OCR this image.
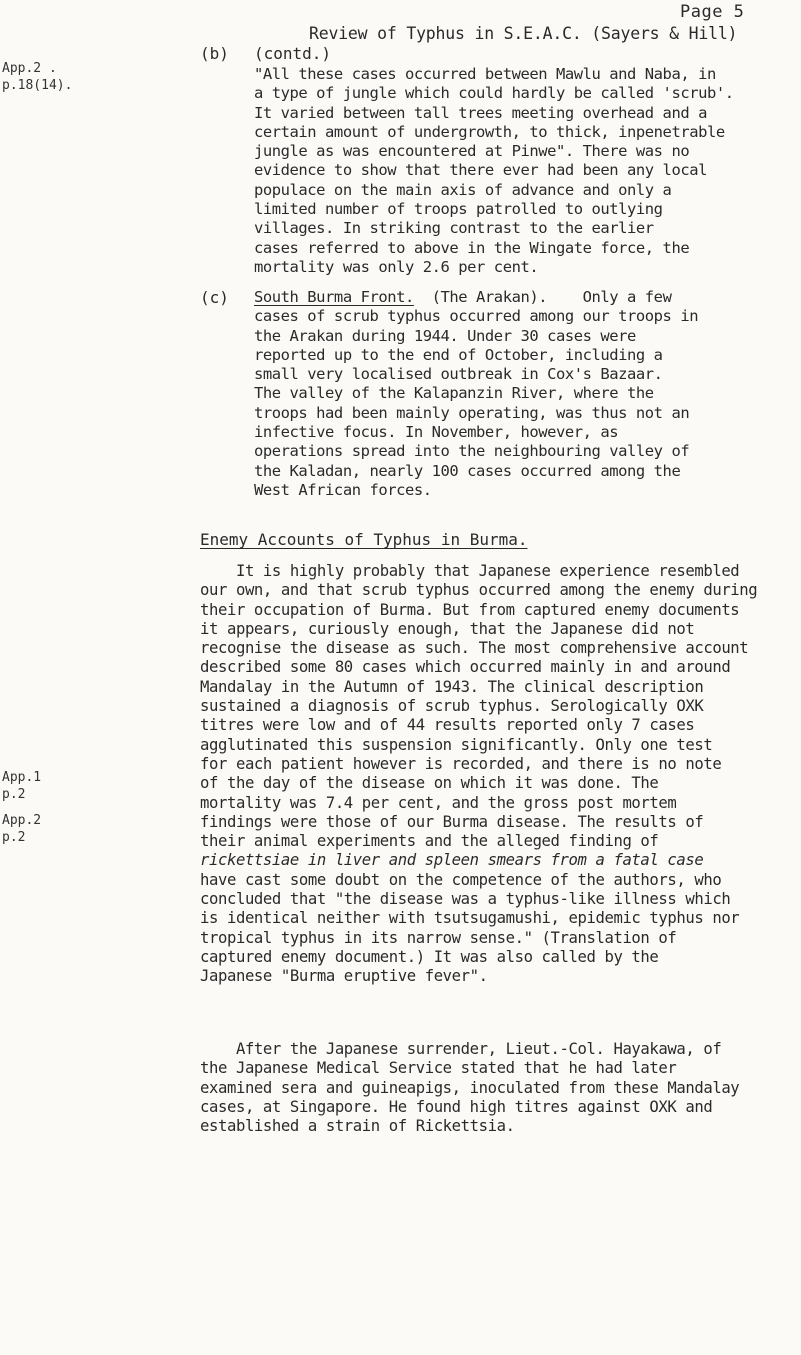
Page 5
Review of Typhus in S.E.A.C. (Sayers & Hill)
App.2 .
p.18(14).
App.1
p.2
App.2
p.2
(b) (contd.)
"All these cases occurred between Mawlu and Naba, in
a type of jungle which could hardly be called 'scrub'.
It varied between tall trees meeting overhead and a
certain amount of undergrowth, to thick, inpenetrable
jungle as was encountered at Pinwe". There was no
evidence to show that there ever had been any local
populace on the main axis of advance and only a
limited number of troops patrolled to outlying
villages. In striking contrast to the earlier
cases referred to above in the Wingate force, the
mortality was only 2.6 per cent.
(c) South Burma Front.  (The Arakan).    Only a few
cases of scrub typhus occurred among our troops in
the Arakan during 1944. Under 30 cases were
reported up to the end of October, including a
small very localised outbreak in Cox's Bazaar.
The valley of the Kalapanzin River, where the
troops had been mainly operating, was thus not an
infective focus. In November, however, as
operations spread into the neighbouring valley of
the Kaladan, nearly 100 cases occurred among the
West African forces.
Enemy Accounts of Typhus in Burma.
It is highly probably that Japanese experience resembled
our own, and that scrub typhus occurred among the enemy during
their occupation of Burma. But from captured enemy documents
it appears, curiously enough, that the Japanese did not
recognise the disease as such. The most comprehensive account
described some 80 cases which occurred mainly in and around
Mandalay in the Autumn of 1943. The clinical description
sustained a diagnosis of scrub typhus. Serologically OXK
titres were low and of 44 results reported only 7 cases
agglutinated this suspension significantly. Only one test
for each patient however is recorded, and there is no note
of the day of the disease on which it was done. The
mortality was 7.4 per cent, and the gross post mortem
findings were those of our Burma disease. The results of
their animal experiments and the alleged finding of
rickettsiae in liver and spleen smears from a fatal case
have cast some doubt on the competence of the authors, who
concluded that "the disease was a typhus-like illness which
is identical neither with tsutsugamushi, epidemic typhus nor
tropical typhus in its narrow sense." (Translation of
captured enemy document.) It was also called by the
Japanese "Burma eruptive fever".
After the Japanese surrender, Lieut.-Col. Hayakawa, of
the Japanese Medical Service stated that he had later
examined sera and guineapigs, inoculated from these Mandalay
cases, at Singapore. He found high titres against OXK and
established a strain of Rickettsia.
